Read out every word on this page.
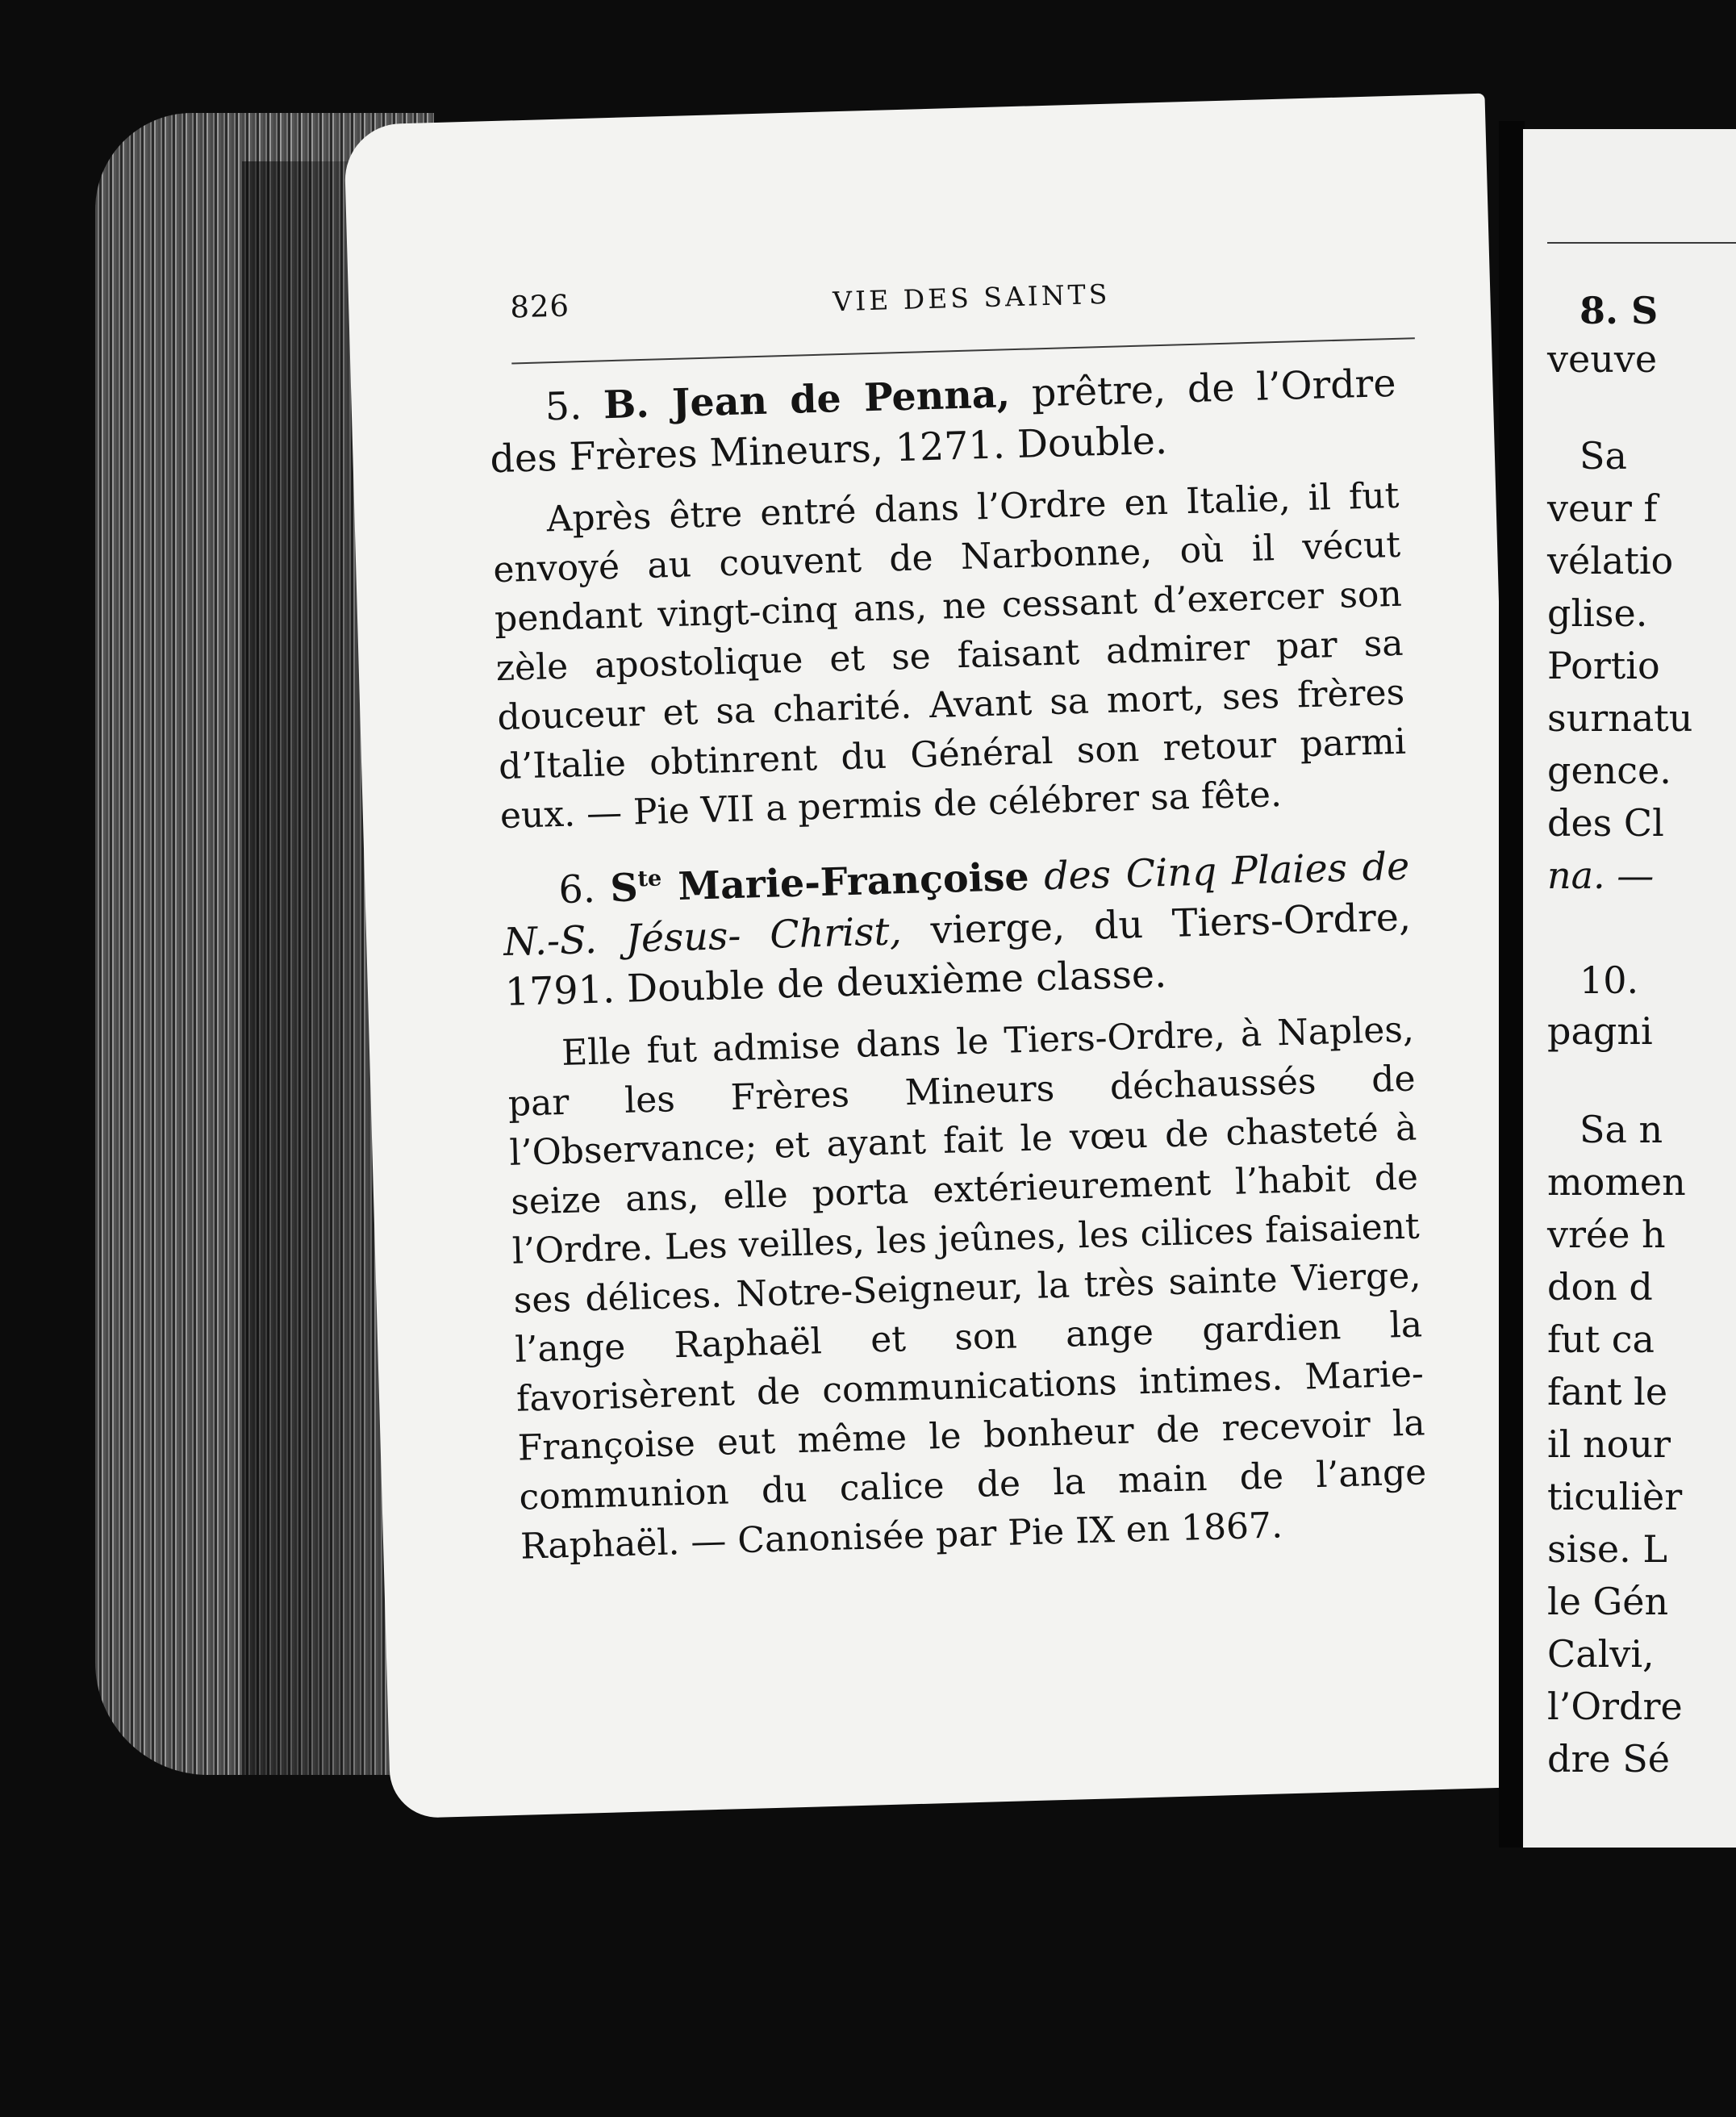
826	VIE DES SAINTS

5. B. Jean de Penna, prêtre, de l’Ordre des Frères Mineurs, 1271. Double.

Après être entré dans l’Ordre en Italie, il fut envoyé au couvent de Narbonne, où il vécut pendant vingt-cinq ans, ne cessant d’exercer son zèle apostolique et se faisant admirer par sa douceur et sa charité. Avant sa mort, ses frères d’Italie obtinrent du Général son retour parmi eux. — Pie VII a permis de célébrer sa fête.

6. $S^{te}$ Marie-Françoise des Cinq Plaies de N.-S. Jésus- Christ, vierge, du Tiers-Ordre, 1791. Double de deuxième classe.

Elle fut admise dans le Tiers-Ordre, à Naples, par les Frères Mineurs déchaussés de l’Observance; et ayant fait le vœu de chasteté à seize ans, elle porta extérieurement l’habit de l’Ordre. Les veilles, les jeûnes, les cilices faisaient ses délices. Notre-Seigneur, la très sainte Vierge, l’ange Raphaël et son ange gardien la favorisèrent de communications intimes. Marie-Françoise eut même le bonheur de recevoir la communion du calice de la main de l’ange Raphaël. — Canonisée par Pie IX en 1867.

8. S
veuve
Sa
veur f
vélatio
glise.
Portio
surnatu
gence.
des Cl
na. —
10.
pagni
Sa n
momen
vrée h
don d
fut ca
fant le
il nour
ticulièr
sise. L
le Gén
Calvi,
l’Ordre
dre Sé
